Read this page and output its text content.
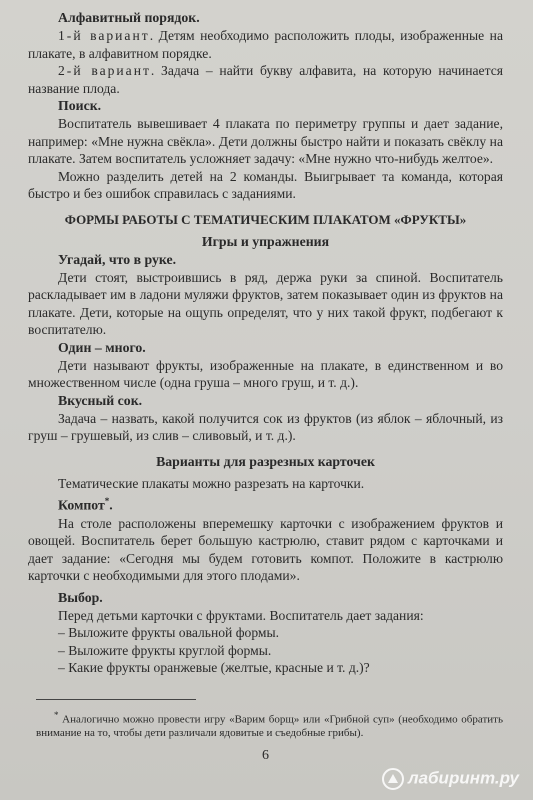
Алфавитный порядок.

1-й вариант. Детям необходимо расположить плоды, изображенные на плакате, в алфавитном порядке.

2-й вариант. Задача – найти букву алфавита, на которую начинается название плода.

Поиск.

Воспитатель вывешивает 4 плаката по периметру группы и дает задание, например: «Мне нужна свёкла». Дети должны быстро найти и показать свёклу на плакате. Затем воспитатель усложняет задачу: «Мне нужно что-нибудь желтое».

Можно разделить детей на 2 команды. Выигрывает та команда, которая быстро и без ошибок справилась с заданиями.

ФОРМЫ РАБОТЫ С ТЕМАТИЧЕСКИМ ПЛАКАТОМ «ФРУКТЫ»

Игры и упражнения

Угадай, что в руке.

Дети стоят, выстроившись в ряд, держа руки за спиной. Воспитатель раскладывает им в ладони муляжи фруктов, затем показывает один из фруктов на плакате. Дети, которые на ощупь определят, что у них такой фрукт, подбегают к воспитателю.

Один – много.

Дети называют фрукты, изображенные на плакате, в единственном и во множественном числе (одна груша – много груш, и т. д.).

Вкусный сок.

Задача – назвать, какой получится сок из фруктов (из яблок – яблочный, из груш – грушевый, из слив – сливовый, и т. д.).

Варианты для разрезных карточек

Тематические плакаты можно разрезать на карточки.

Компот*.

На столе расположены вперемешку карточки с изображением фруктов и овощей. Воспитатель берет большую кастрюлю, ставит рядом с карточками и дает задание: «Сегодня мы будем готовить компот. Положите в кастрюлю карточки с необходимыми для этого плодами».

Выбор.

Перед детьми карточки с фруктами. Воспитатель дает задания:

– Выложите фрукты овальной формы.

– Выложите фрукты круглой формы.

– Какие фрукты оранжевые (желтые, красные и т. д.)?

* Аналогично можно провести игру «Варим борщ» или «Грибной суп» (необходимо обратить внимание на то, чтобы дети различали ядовитые и съедобные грибы).

6
лабиринт.ру
